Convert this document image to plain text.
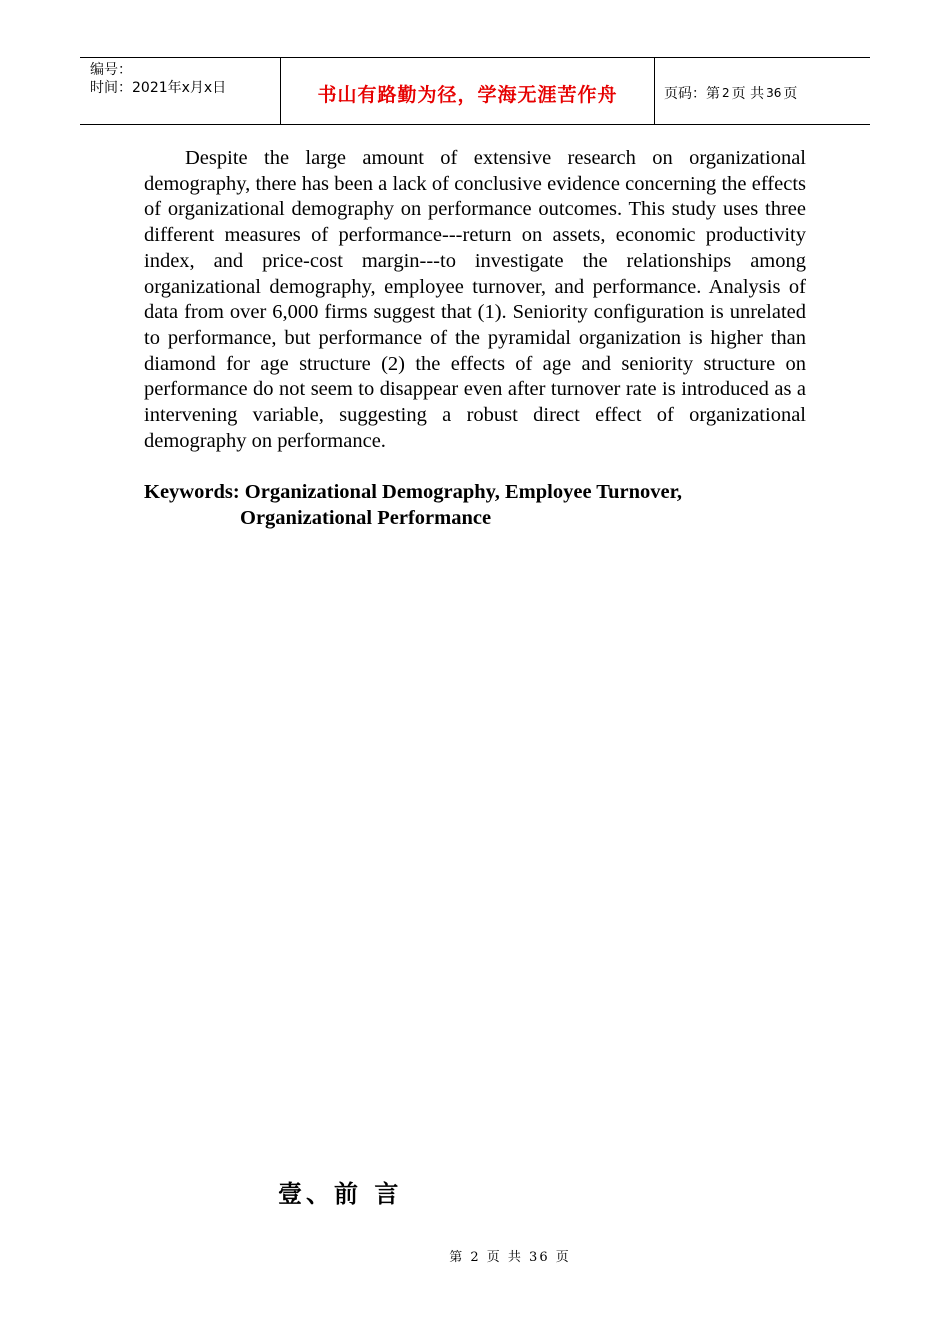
编号：
时间：2021年x月x日	书山有路勤为径，学海无涯苦作舟	页码：第 2 页 共 36 页

Despite the large amount of extensive research on organizational demography, there has been a lack of conclusive evidence concerning the effects of organizational demography on performance outcomes. This study uses three different measures of performance---return on assets, economic productivity index, and price-cost margin---to investigate the relationships among organizational demography, employee turnover, and performance. Analysis of data from over 6,000 firms suggest that (1). Seniority configuration is unrelated to performance, but performance of the pyramidal organization is higher than diamond for age structure (2) the effects of age and seniority structure on performance do not seem to disappear even after turnover rate is introduced as a intervening variable, suggesting a robust direct effect of organizational demography on performance.

Keywords: Organizational Demography, Employee Turnover,
Organizational Performance
壹、前 言
第 2 页 共 36 页
